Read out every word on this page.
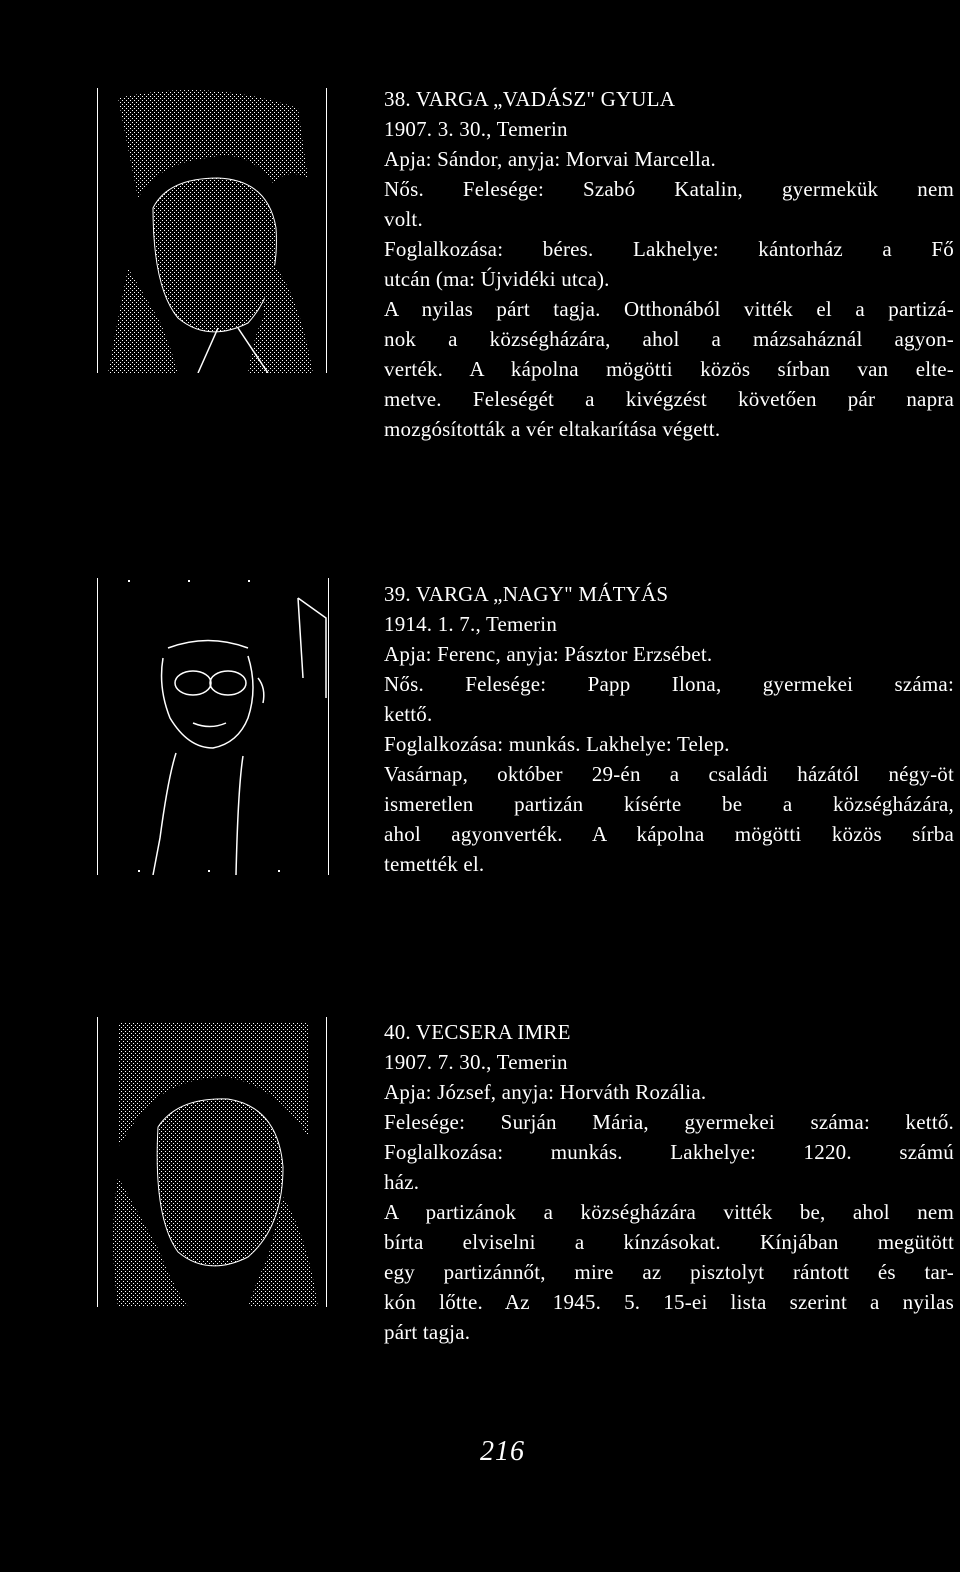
38. VARGA „VADÁSZ" GYULA
1907. 3. 30., Temerin
Apja: Sándor, anyja: Morvai Marcella.
Nős. Felesége: Szabó Katalin, gyermekük nem
volt.
Foglalkozása: béres. Lakhelye: kántorház a Fő
utcán (ma: Újvidéki utca).
A nyilas párt tagja. Otthonából vitték el a partizá-
nok a községházára, ahol a mázsaháznál agyon-
verték. A kápolna mögötti közös sírban van elte-
metve. Feleségét a kivégzést követően pár napra
mozgósították a vér eltakarítása végett.
39. VARGA „NAGY" MÁTYÁS
1914. 1. 7., Temerin
Apja: Ferenc, anyja: Pásztor Erzsébet.
Nős. Felesége: Papp Ilona, gyermekei száma:
kettő.
Foglalkozása: munkás. Lakhelye: Telep.
Vasárnap, október 29-én a családi házától négy-öt
ismeretlen partizán kísérte be a községházára,
ahol agyonverték. A kápolna mögötti közös sírba
temették el.
40. VECSERA IMRE
1907. 7. 30., Temerin
Apja: József, anyja: Horváth Rozália.
Felesége: Surján Mária, gyermekei száma: kettő.
Foglalkozása: munkás. Lakhelye: 1220. számú
ház.
A partizánok a községházára vitték be, ahol nem
bírta elviselni a kínzásokat. Kínjában megütött
egy partizánnőt, mire az pisztolyt rántott és tar-
kón lőtte. Az 1945. 5. 15-ei lista szerint a nyilas
párt tagja.
216
